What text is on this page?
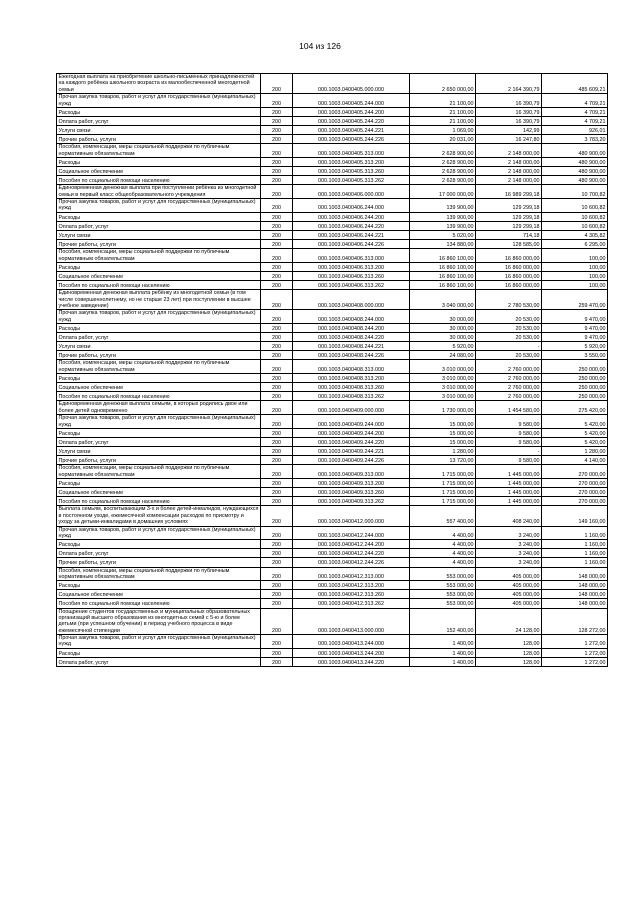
104 из 126
Ежегодная выплата на приобретение школьно-письменных принадлежностей на каждого ребёнка школьного возраста из малообеспеченной многодетной семьи	200	000.1003.0400405.000.000	2 650 000,00	2 164 390,79	485 609,21
Прочая закупка товаров, работ и услуг для государственных (муниципальных) нужд	200	000.1003.0400405.244.000	21 100,00	16 390,79	4 709,21
Расходы	200	000.1003.0400405.244.200	21 100,00	16 390,79	4 709,21
Оплата работ, услуг	200	000.1003.0400405.244.220	21 100,00	16 390,79	4 709,21
Услуги связи	200	000.1003.0400405.244.221	1 069,00	142,99	926,01
Прочие работы, услуги	200	000.1003.0400405.244.226	20 031,00	16 247,80	3 783,20
Пособия, компенсации, меры социальной поддержки по публичным нормативным обязательствам	200	000.1003.0400405.313.000	2 628 900,00	2 148 000,00	480 900,00
Расходы	200	000.1003.0400405.313.200	2 628 900,00	2 148 000,00	480 900,00
Социальное обеспечение	200	000.1003.0400405.313.260	2 628 900,00	2 148 000,00	480 900,00
Пособия по социальной помощи населению	200	000.1003.0400405.313.262	2 628 900,00	2 148 000,00	480 900,00
Единовременная денежная выплата при поступлении ребёнка из многодетной семьи в первый класс общеобразовательного учреждения	200	000.1003.0400406.000.000	17 000 000,00	16 989 299,18	10 700,82
Прочая закупка товаров, работ и услуг для государственных (муниципальных) нужд	200	000.1003.0400406.244.000	139 900,00	129 299,18	10 600,82
Расходы	200	000.1003.0400406.244.200	139 900,00	129 299,18	10 600,82
Оплата работ, услуг	200	000.1003.0400406.244.220	139 900,00	129 299,18	10 600,82
Услуги связи	200	000.1003.0400406.244.221	5 020,00	714,18	4 305,82
Прочие работы, услуги	200	000.1003.0400406.244.226	134 880,00	128 585,00	6 295,00
Пособия, компенсации, меры социальной поддержки по публичным нормативным обязательствам	200	000.1003.0400406.313.000	16 860 100,00	16 860 000,00	100,00
Расходы	200	000.1003.0400406.313.200	16 860 100,00	16 860 000,00	100,00
Социальное обеспечение	200	000.1003.0400406.313.260	16 860 100,00	16 860 000,00	100,00
Пособия по социальной помощи населению	200	000.1003.0400406.313.262	16 860 100,00	16 860 000,00	100,00
Единовременная денежная выплата ребёнку из многодетной семьи (в том числе совершеннолетнему, но не старше 23 лет) при поступлении в высшее учебное заведение)	200	000.1003.0400408.000.000	3 040 000,00	2 780 530,00	259 470,00
Прочая закупка товаров, работ и услуг для государственных (муниципальных) нужд	200	000.1003.0400408.244.000	30 000,00	20 530,00	9 470,00
Расходы	200	000.1003.0400408.244.200	30 000,00	20 530,00	9 470,00
Оплата работ, услуг	200	000.1003.0400408.244.220	30 000,00	20 530,00	9 470,00
Услуги связи	200	000.1003.0400408.244.221	5 920,00	-	5 920,00
Прочие работы, услуги	200	000.1003.0400408.244.226	24 080,00	20 530,00	3 550,00
Пособия, компенсации, меры социальной поддержки по публичным нормативным обязательствам	200	000.1003.0400408.313.000	3 010 000,00	2 760 000,00	250 000,00
Расходы	200	000.1003.0400408.313.200	3 010 000,00	2 760 000,00	250 000,00
Социальное обеспечение	200	000.1003.0400408.313.260	3 010 000,00	2 760 000,00	250 000,00
Пособия по социальной помощи населению	200	000.1003.0400408.313.262	3 010 000,00	2 760 000,00	250 000,00
Единовременная денежная выплата семьям, в которых родились двое или более детей одновременно	200	000.1003.0400409.000.000	1 730 000,00	1 454 580,00	275 420,00
Прочая закупка товаров, работ и услуг для государственных (муниципальных) нужд	200	000.1003.0400409.244.000	15 000,00	9 580,00	5 420,00
Расходы	200	000.1003.0400409.244.200	15 000,00	9 580,00	5 420,00
Оплата работ, услуг	200	000.1003.0400409.244.220	15 000,00	9 580,00	5 420,00
Услуги связи	200	000.1003.0400409.244.221	1 280,00	-	1 280,00
Прочие работы, услуги	200	000.1003.0400409.244.226	13 720,00	9 580,00	4 140,00
Пособия, компенсации, меры социальной поддержки по публичным нормативным обязательствам	200	000.1003.0400409.313.000	1 715 000,00	1 445 000,00	270 000,00
Расходы	200	000.1003.0400409.313.200	1 715 000,00	1 445 000,00	270 000,00
Социальное обеспечение	200	000.1003.0400409.313.260	1 715 000,00	1 445 000,00	270 000,00
Пособия по социальной помощи населению	200	000.1003.0400409.313.262	1 715 000,00	1 445 000,00	270 000,00
Выплата семьям, воспитывающим 3-х и более детей-инвалидов, нуждающихся в постоянном уходе, ежемесячной компенсации расходов по присмотру и уходу за детьми-инвалидами в домашних условиях	200	000.1003.0400412.000.000	557 400,00	408 240,00	149 160,00
Прочая закупка товаров, работ и услуг для государственных (муниципальных) нужд	200	000.1003.0400412.244.000	4 400,00	3 240,00	1 160,00
Расходы	200	000.1003.0400412.244.200	4 400,00	3 240,00	1 160,00
Оплата работ, услуг	200	000.1003.0400412.244.220	4 400,00	3 240,00	1 160,00
Прочие работы, услуги	200	000.1003.0400412.244.226	4 400,00	3 240,00	1 160,00
Пособия, компенсации, меры социальной поддержки по публичным нормативным обязательствам	200	000.1003.0400412.313.000	553 000,00	405 000,00	148 000,00
Расходы	200	000.1003.0400412.313.200	553 000,00	405 000,00	148 000,00
Социальное обеспечение	200	000.1003.0400412.313.260	553 000,00	405 000,00	148 000,00
Пособия по социальной помощи населению	200	000.1003.0400412.313.262	553 000,00	405 000,00	148 000,00
Поощрение студентов государственных и муниципальных образовательных организаций высшего образования из многодетных семей с 5-ю и более детьми (при успешном обучении) в период учебного процесса в виде ежемесячной стипендии	200	000.1003.0400413.000.000	152 400,00	24 128,00	128 272,00
Прочая закупка товаров, работ и услуг для государственных (муниципальных) нужд	200	000.1003.0400413.244.000	1 400,00	128,00	1 272,00
Расходы	200	000.1003.0400413.244.200	1 400,00	128,00	1 272,00
Оплата работ, услуг	200	000.1003.0400413.244.220	1 400,00	128,00	1 272,00
